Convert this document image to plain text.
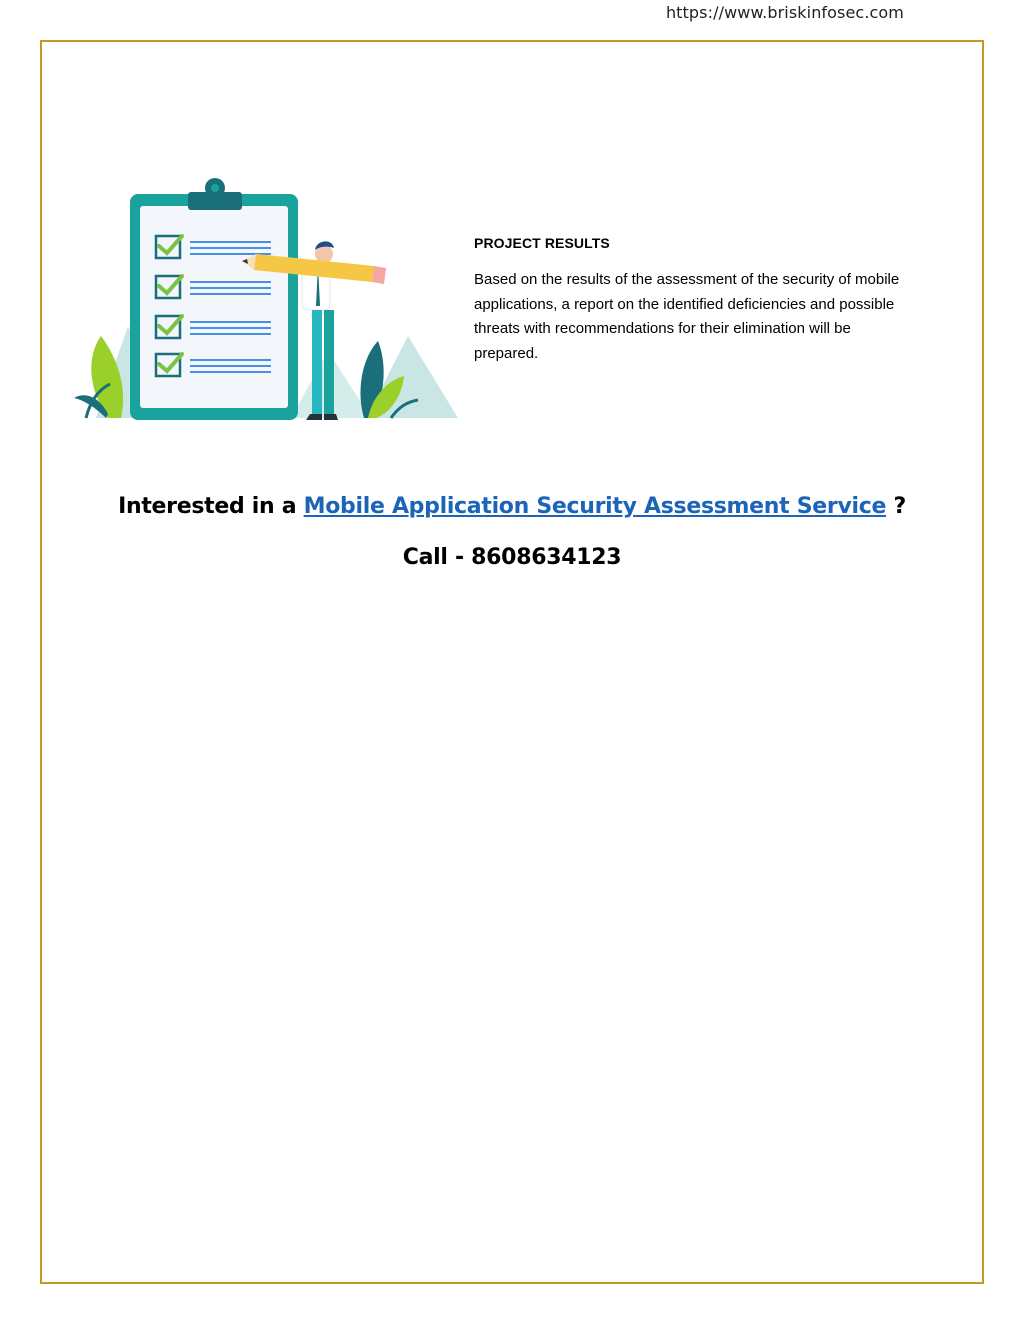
https://www.briskinfosec.com

PROJECT RESULTS

Based on the results of the assessment of the security of mobile applications, a report on the identified deficiencies and possible threats with recommendations for their elimination will be prepared.

Interested in a Mobile Application Security Assessment Service ?
Call - 8608634123
